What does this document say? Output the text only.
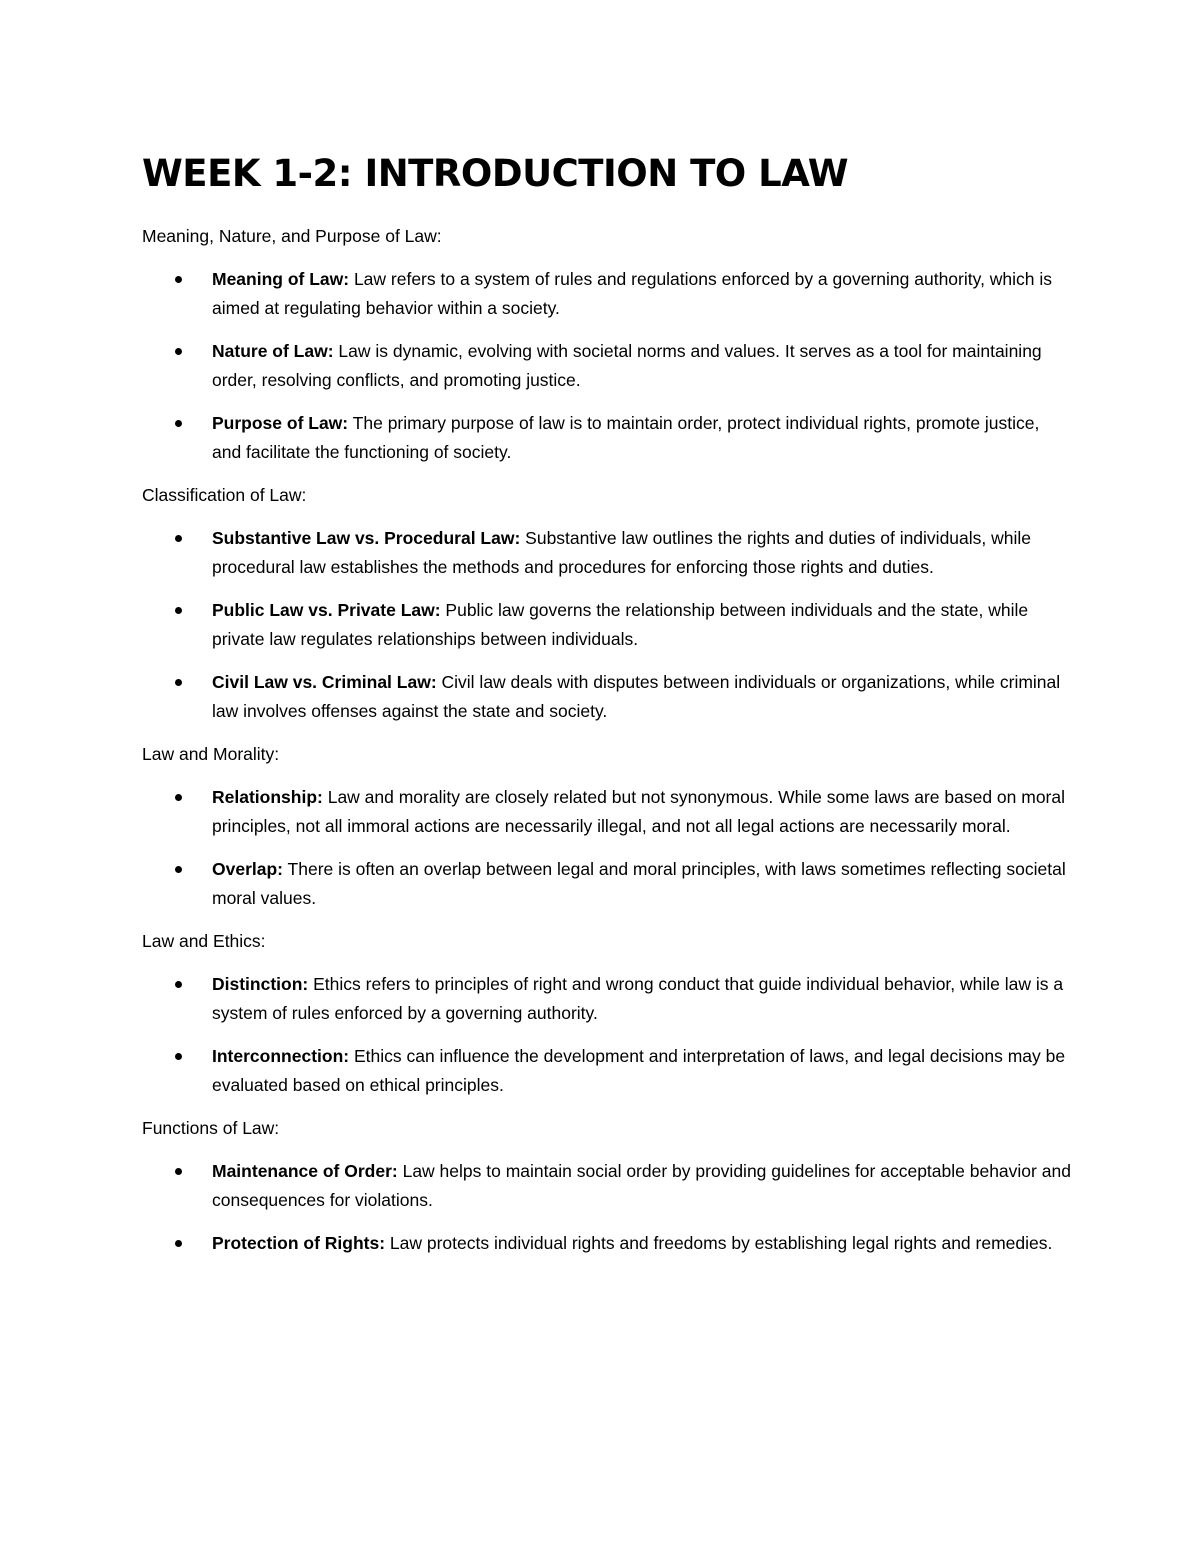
WEEK 1-2: INTRODUCTION TO LAW

Meaning, Nature, and Purpose of Law:

Meaning of Law: Law refers to a system of rules and regulations enforced by a governing authority, which is aimed at regulating behavior within a society.
Nature of Law: Law is dynamic, evolving with societal norms and values. It serves as a tool for maintaining order, resolving conflicts, and promoting justice.
Purpose of Law: The primary purpose of law is to maintain order, protect individual rights, promote justice, and facilitate the functioning of society.

Classification of Law:

Substantive Law vs. Procedural Law: Substantive law outlines the rights and duties of individuals, while procedural law establishes the methods and procedures for enforcing those rights and duties.
Public Law vs. Private Law: Public law governs the relationship between individuals and the state, while private law regulates relationships between individuals.
Civil Law vs. Criminal Law: Civil law deals with disputes between individuals or organizations, while criminal law involves offenses against the state and society.

Law and Morality:

Relationship: Law and morality are closely related but not synonymous. While some laws are based on moral principles, not all immoral actions are necessarily illegal, and not all legal actions are necessarily moral.
Overlap: There is often an overlap between legal and moral principles, with laws sometimes reflecting societal moral values.

Law and Ethics:

Distinction: Ethics refers to principles of right and wrong conduct that guide individual behavior, while law is a system of rules enforced by a governing authority.
Interconnection: Ethics can influence the development and interpretation of laws, and legal decisions may be evaluated based on ethical principles.

Functions of Law:

Maintenance of Order: Law helps to maintain social order by providing guidelines for acceptable behavior and consequences for violations.
Protection of Rights: Law protects individual rights and freedoms by establishing legal rights and remedies.
